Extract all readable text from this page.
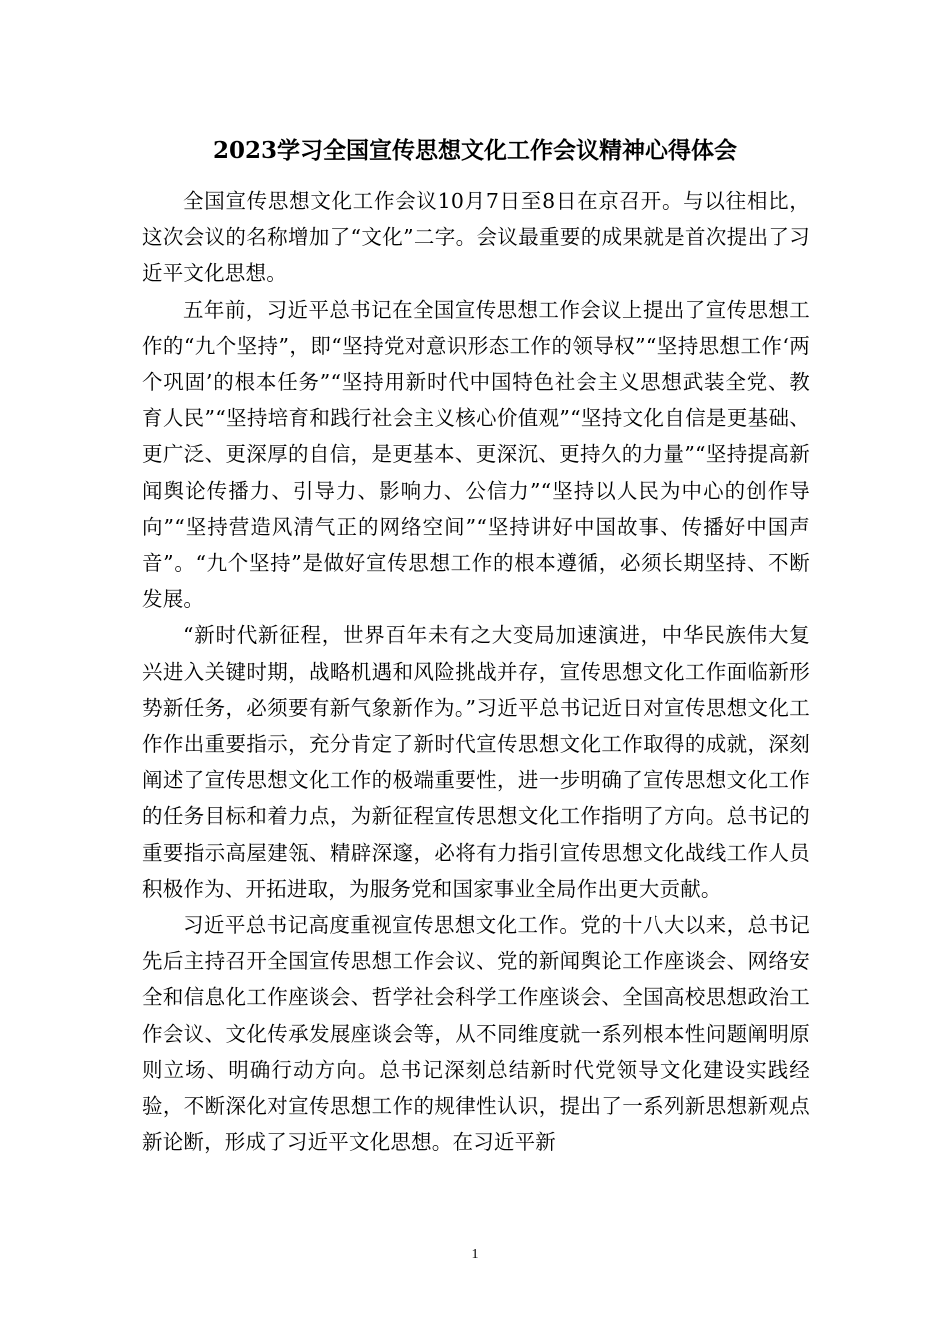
2023学习全国宣传思想文化工作会议精神心得体会

全国宣传思想文化工作会议10月7日至8日在京召开。与以往相比，这次会议的名称增加了“文化”二字。会议最重要的成果就是首次提出了习近平文化思想。

五年前，习近平总书记在全国宣传思想工作会议上提出了宣传思想工作的“九个坚持”，即“坚持党对意识形态工作的领导权”“坚持思想工作‘两个巩固’的根本任务”“坚持用新时代中国特色社会主义思想武装全党、教育人民”“坚持培育和践行社会主义核心价值观”“坚持文化自信是更基础、更广泛、更深厚的自信，是更基本、更深沉、更持久的力量”“坚持提高新闻舆论传播力、引导力、影响力、公信力”“坚持以人民为中心的创作导向”“坚持营造风清气正的网络空间”“坚持讲好中国故事、传播好中国声音”。“九个坚持”是做好宣传思想工作的根本遵循，必须长期坚持、不断发展。

“新时代新征程，世界百年未有之大变局加速演进，中华民族伟大复兴进入关键时期，战略机遇和风险挑战并存，宣传思想文化工作面临新形势新任务，必须要有新气象新作为。”习近平总书记近日对宣传思想文化工作作出重要指示，充分肯定了新时代宣传思想文化工作取得的成就，深刻阐述了宣传思想文化工作的极端重要性，进一步明确了宣传思想文化工作的任务目标和着力点，为新征程宣传思想文化工作指明了方向。总书记的重要指示高屋建瓴、精辟深邃，必将有力指引宣传思想文化战线工作人员积极作为、开拓进取，为服务党和国家事业全局作出更大贡献。

习近平总书记高度重视宣传思想文化工作。党的十八大以来，总书记先后主持召开全国宣传思想工作会议、党的新闻舆论工作座谈会、网络安全和信息化工作座谈会、哲学社会科学工作座谈会、全国高校思想政治工作会议、文化传承发展座谈会等，从不同维度就一系列根本性问题阐明原则立场、明确行动方向。总书记深刻总结新时代党领导文化建设实践经验，不断深化对宣传思想工作的规律性认识，提出了一系列新思想新观点新论断，形成了习近平文化思想。在习近平新

1
